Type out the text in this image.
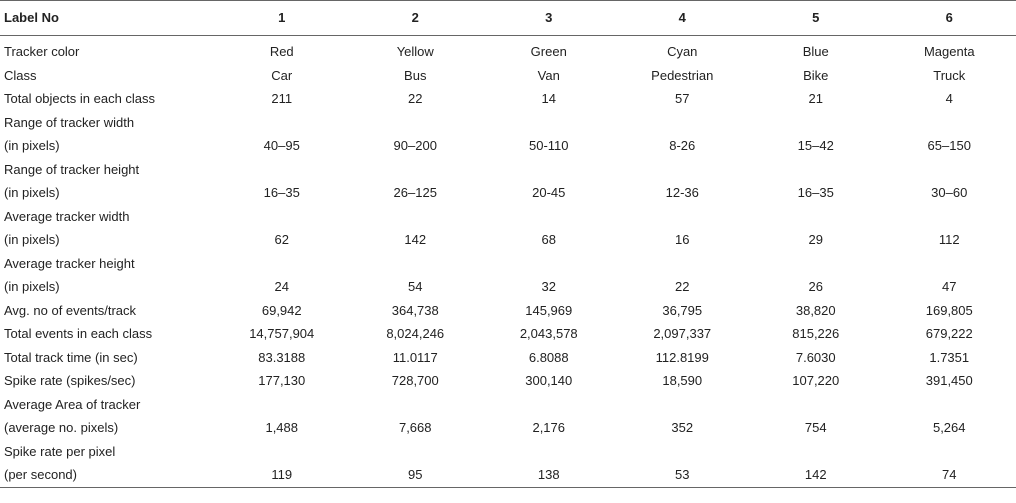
Label No	1	2	3	4	5	6
Tracker color	Red	Yellow	Green	Cyan	Blue	Magenta
Class	Car	Bus	Van	Pedestrian	Bike	Truck
Total objects in each class	211	22	14	57	21	4
Range of tracker width						
(in pixels)	40–95	90–200	50-110	8-26	15–42	65–150
Range of tracker height						
(in pixels)	16–35	26–125	20-45	12-36	16–35	30–60
Average tracker width						
(in pixels)	62	142	68	16	29	112
Average tracker height						
(in pixels)	24	54	32	22	26	47
Avg. no of events/track	69,942	364,738	145,969	36,795	38,820	169,805
Total events in each class	14,757,904	8,024,246	2,043,578	2,097,337	815,226	679,222
Total track time (in sec)	83.3188	11.0117	6.8088	112.8199	7.6030	1.7351
Spike rate (spikes/sec)	177,130	728,700	300,140	18,590	107,220	391,450
Average Area of tracker						
(average no. pixels)	1,488	7,668	2,176	352	754	5,264
Spike rate per pixel						
(per second)	119	95	138	53	142	74
